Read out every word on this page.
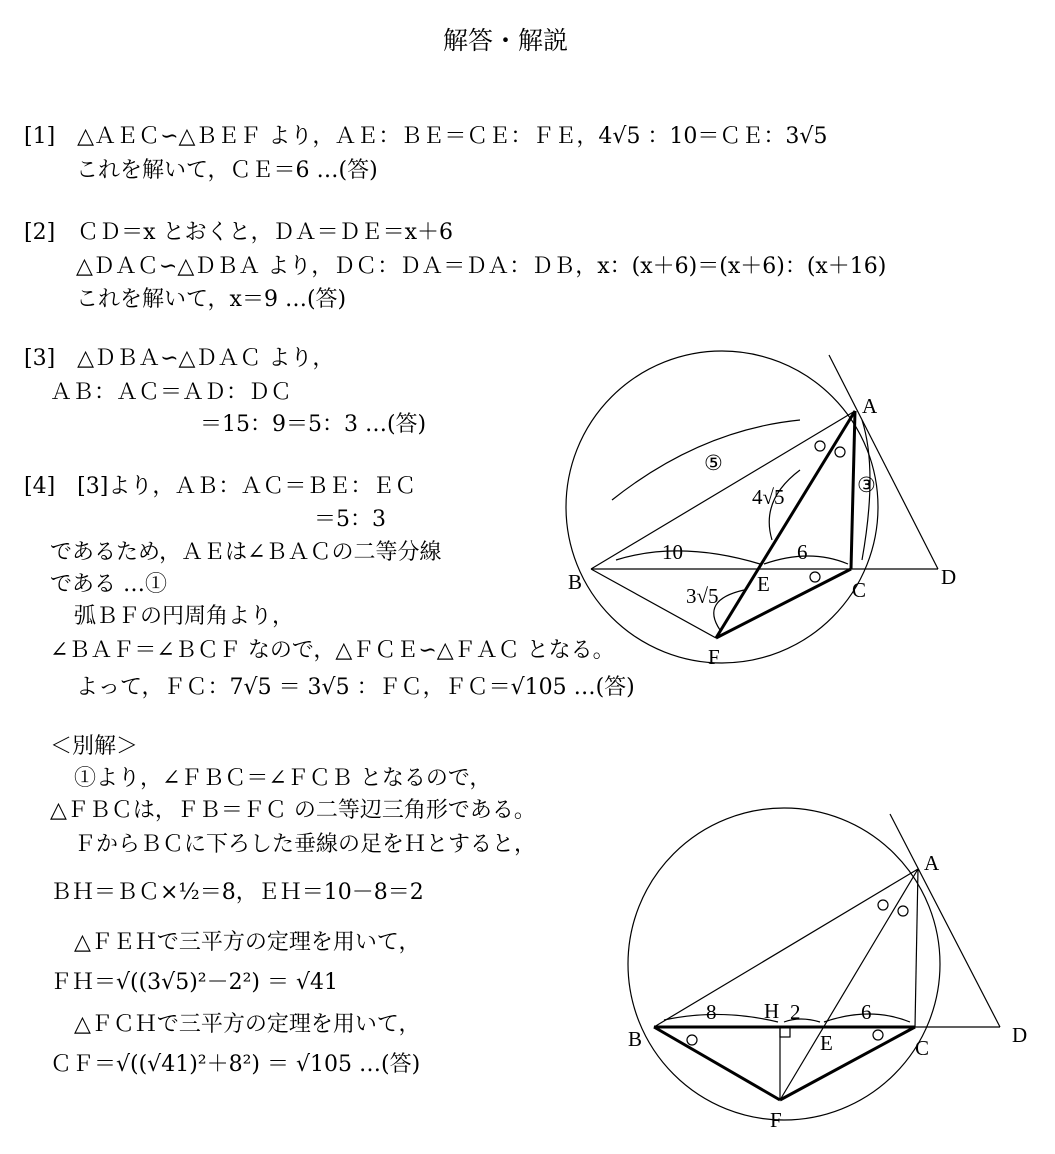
解答・解説
[1]　△ＡＥＣ∽△ＢＥＦ より，ＡＥ：ＢＥ＝ＣＥ：ＦＥ，4√5 ：10＝ＣＥ：3√5
これを解いて，ＣＥ＝6 …(答)
[2]　ＣＤ＝x とおくと，ＤＡ＝ＤＥ＝x＋6
△ＤＡＣ∽△ＤＢＡ より，ＤＣ：ＤＡ＝ＤＡ：ＤＢ，x：(x＋6)＝(x＋6)：(x＋16)
これを解いて，x＝9 …(答)
[3]　△ＤＢＡ∽△ＤＡＣ より，
ＡＢ：ＡＣ＝ＡＤ：ＤＣ
＝15：9＝5：3 …(答)
[4]　[3]より，ＡＢ：ＡＣ＝ＢＥ：ＥＣ
＝5：3
であるため，ＡＥは∠ＢＡＣの二等分線
である …①
弧ＢＦの円周角より，
∠ＢＡＦ＝∠ＢＣＦ なので，△ＦＣＥ∽△ＦＡＣ となる。
よって，ＦＣ：7√5 ＝ 3√5 ：ＦＣ，ＦＣ＝√105 …(答)
＜別解＞
①より，∠ＦＢＣ＝∠ＦＣＢ となるので，
△ＦＢＣは，ＦＢ＝ＦＣ の二等辺三角形である。
ＦからＢＣに下ろした垂線の足をＨとすると，
ＢＨ＝ＢＣ×½＝8，ＥＨ＝10－8＝2
△ＦＥＨで三平方の定理を用いて，
ＦＨ＝√((3√5)²－2²) ＝ √41
△ＦＣＨで三平方の定理を用いて，
ＣＦ＝√((√41)²＋8²) ＝ √105 …(答)
A
B	C
D
E
F
10	6
4√5
3√5
⑤
③
A
B	C
D
E
F
H
8	2	6
